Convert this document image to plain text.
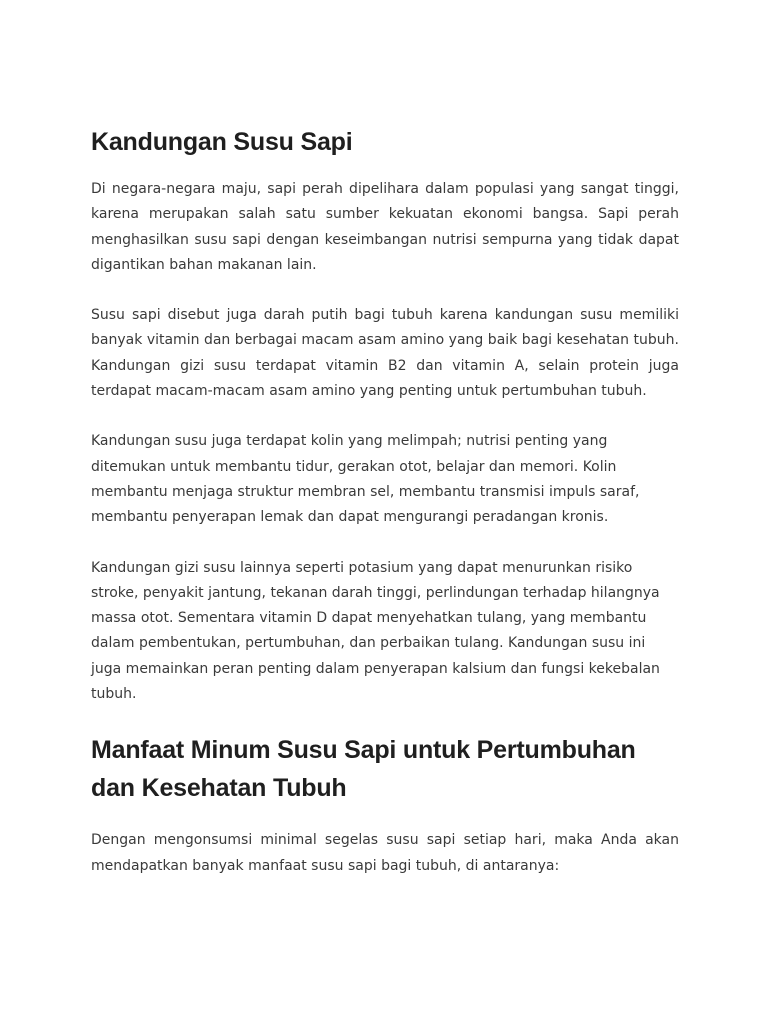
Kandungan Susu Sapi

Di negara-negara maju, sapi perah dipelihara dalam populasi yang sangat tinggi, karena merupakan salah satu sumber kekuatan ekonomi bangsa. Sapi perah menghasilkan susu sapi dengan keseimbangan nutrisi sempurna yang tidak dapat digantikan bahan makanan lain.

Susu sapi disebut juga darah putih bagi tubuh karena kandungan susu memiliki banyak vitamin dan berbagai macam asam amino yang baik bagi kesehatan tubuh. Kandungan gizi susu terdapat vitamin B2 dan vitamin A, selain protein juga terdapat macam-macam asam amino yang penting untuk pertumbuhan tubuh.

Kandungan susu juga terdapat kolin yang melimpah; nutrisi penting yang ditemukan untuk membantu tidur, gerakan otot, belajar dan memori. Kolin membantu menjaga struktur membran sel, membantu transmisi impuls saraf, membantu penyerapan lemak dan dapat mengurangi peradangan kronis.

Kandungan gizi susu lainnya seperti potasium yang dapat menurunkan risiko stroke, penyakit jantung, tekanan darah tinggi, perlindungan terhadap hilangnya massa otot. Sementara vitamin D dapat menyehatkan tulang, yang membantu dalam pembentukan, pertumbuhan, dan perbaikan tulang. Kandungan susu ini juga memainkan peran penting dalam penyerapan kalsium dan fungsi kekebalan tubuh.

Manfaat Minum Susu Sapi untuk Pertumbuhan dan Kesehatan Tubuh

Dengan mengonsumsi minimal segelas susu sapi setiap hari, maka Anda akan mendapatkan banyak manfaat susu sapi bagi tubuh, di antaranya:
